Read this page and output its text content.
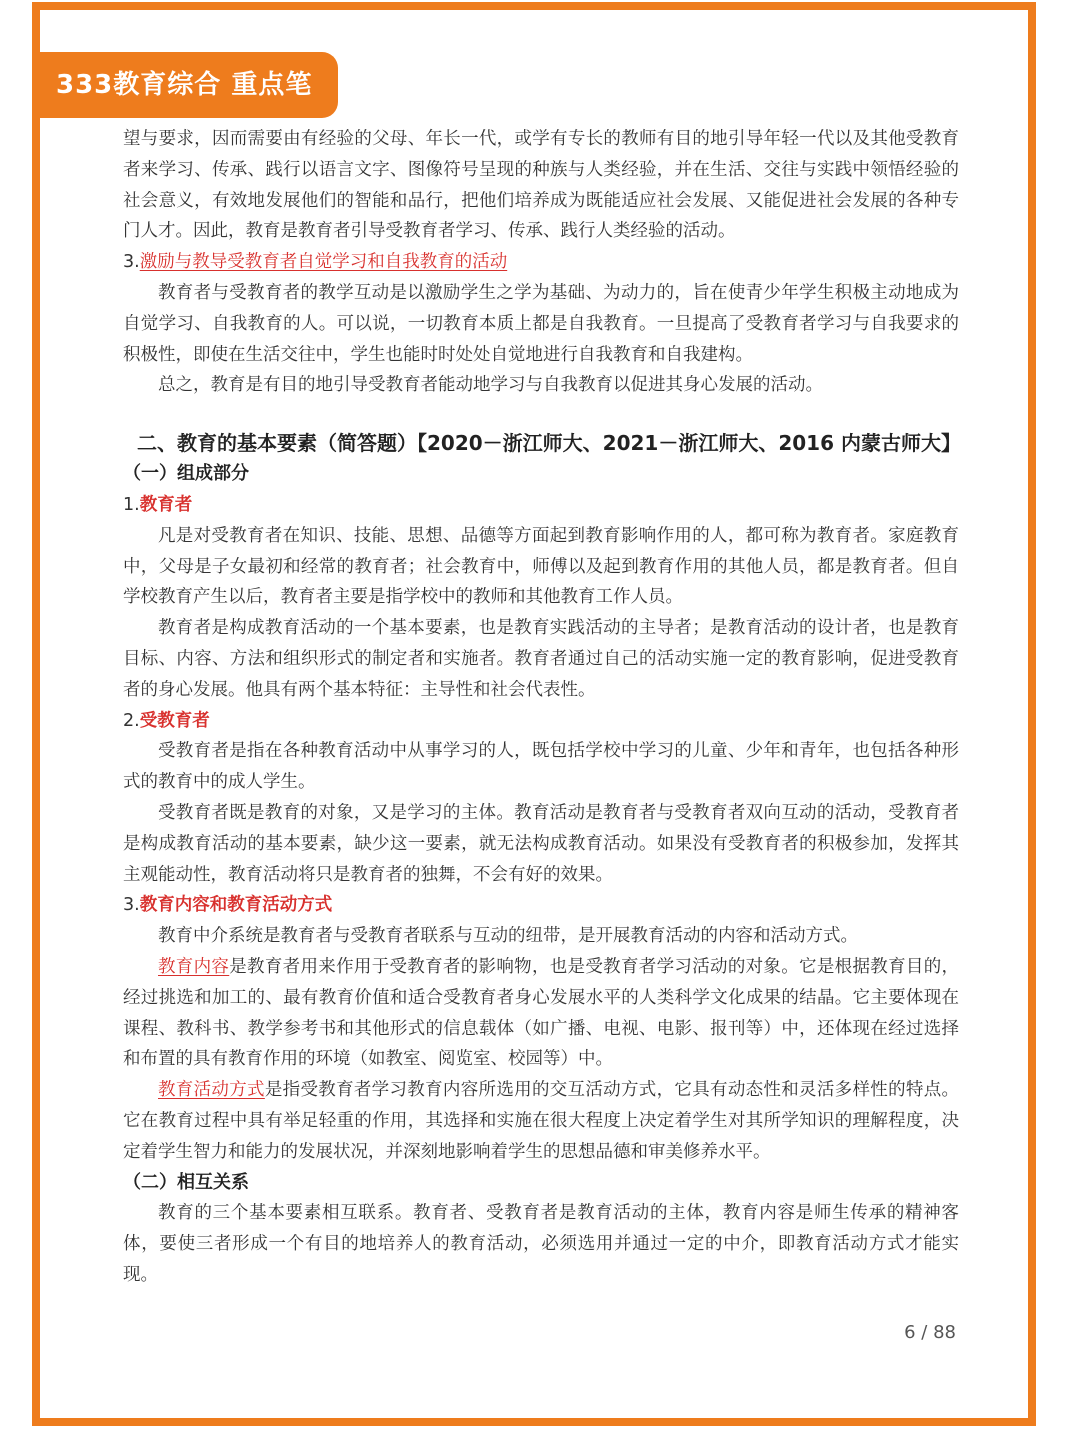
333教育综合 重点笔记	望与要求，因而需要由有经验的父母、年长一代，或学有专长的教师有目的地引导年轻一代以及其他受教育者来学习、传承、践行以语言文字、图像符号呈现的种族与人类经验，并在生活、交往与实践中领悟经验的社会意义，有效地发展他们的智能和品行，把他们培养成为既能适应社会发展、又能促进社会发展的各种专门人才。因此，教育是教育者引导受教育者学习、传承、践行人类经验的活动。

3.激励与教导受教育者自觉学习和自我教育的活动

教育者与受教育者的教学互动是以激励学生之学为基础、为动力的，旨在使青少年学生积极主动地成为自觉学习、自我教育的人。可以说，一切教育本质上都是自我教育。一旦提高了受教育者学习与自我要求的积极性，即使在生活交往中，学生也能时时处处自觉地进行自我教育和自我建构。

总之，教育是有目的地引导受教育者能动地学习与自我教育以促进其身心发展的活动。

二、教育的基本要素（简答题）【2020－浙江师大、2021－浙江师大、2016 内蒙古师大】
（一）组成部分

1.教育者

凡是对受教育者在知识、技能、思想、品德等方面起到教育影响作用的人，都可称为教育者。家庭教育中，父母是子女最初和经常的教育者；社会教育中，师傅以及起到教育作用的其他人员，都是教育者。但自学校教育产生以后，教育者主要是指学校中的教师和其他教育工作人员。

教育者是构成教育活动的一个基本要素，也是教育实践活动的主导者；是教育活动的设计者，也是教育目标、内容、方法和组织形式的制定者和实施者。教育者通过自己的活动实施一定的教育影响，促进受教育者的身心发展。他具有两个基本特征：主导性和社会代表性。

2.受教育者

受教育者是指在各种教育活动中从事学习的人，既包括学校中学习的儿童、少年和青年，也包括各种形式的教育中的成人学生。

受教育者既是教育的对象，又是学习的主体。教育活动是教育者与受教育者双向互动的活动，受教育者是构成教育活动的基本要素，缺少这一要素，就无法构成教育活动。如果没有受教育者的积极参加，发挥其主观能动性，教育活动将只是教育者的独舞，不会有好的效果。

3.教育内容和教育活动方式

教育中介系统是教育者与受教育者联系与互动的纽带，是开展教育活动的内容和活动方式。

教育内容是教育者用来作用于受教育者的影响物，也是受教育者学习活动的对象。它是根据教育目的，经过挑选和加工的、最有教育价值和适合受教育者身心发展水平的人类科学文化成果的结晶。它主要体现在课程、教科书、教学参考书和其他形式的信息载体（如广播、电视、电影、报刊等）中，还体现在经过选择和布置的具有教育作用的环境（如教室、阅览室、校园等）中。

教育活动方式是指受教育者学习教育内容所选用的交互活动方式，它具有动态性和灵活多样性的特点。它在教育过程中具有举足轻重的作用，其选择和实施在很大程度上决定着学生对其所学知识的理解程度，决定着学生智力和能力的发展状况，并深刻地影响着学生的思想品德和审美修养水平。

（二）相互关系

教育的三个基本要素相互联系。教育者、受教育者是教育活动的主体，教育内容是师生传承的精神客体，要使三者形成一个有目的地培养人的教育活动，必须选用并通过一定的中介，即教育活动方式才能实现。

6 / 88
